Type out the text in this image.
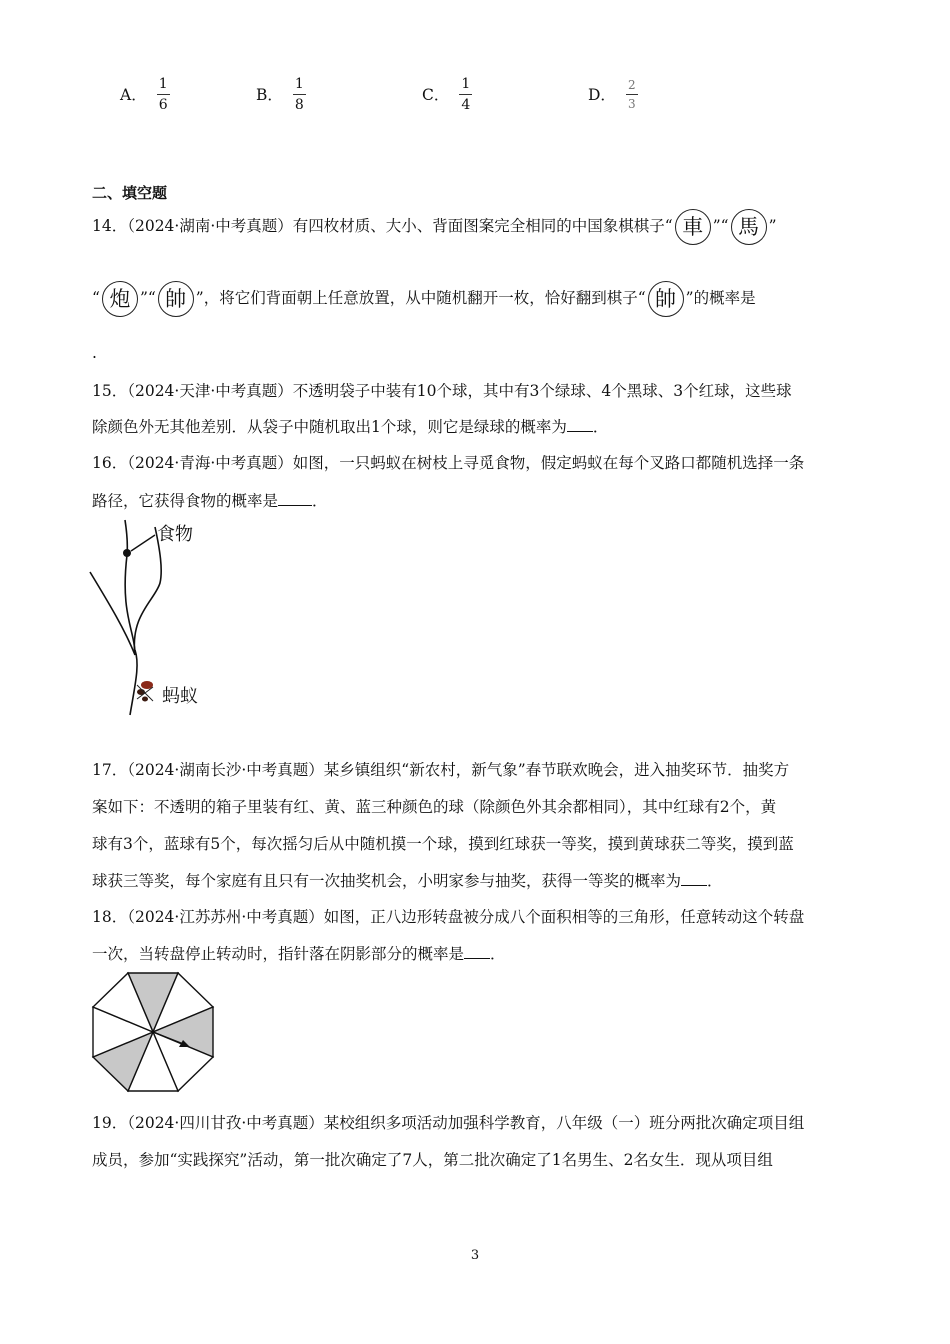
A． $\frac{1}{6}$	B． $\frac{1}{8}$	C． $\frac{1}{4}$	D． $\frac{2}{3}$
二、填空题
14．（2024·湖南·中考真题）有四枚材质、大小、背面图案完全相同的中国象棋棋子“ 車 ”“ 馬 ”
“ 炮 ”“ 帥 ”，将它们背面朝上任意放置，从中随机翻开一枚，恰好翻到棋子“ 帥 ”的概率是
.
15．（2024·天津·中考真题）不透明袋子中装有10个球，其中有3个绿球、4个黑球、3个红球，这些球
除颜色外无其他差别．从袋子中随机取出1个球，则它是绿球的概率为 ．
16．（2024·青海·中考真题）如图，一只蚂蚁在树枝上寻觅食物，假定蚂蚁在每个叉路口都随机选择一条
路径，它获得食物的概率是 ．
食物
蚂蚁
17．（2024·湖南长沙·中考真题）某乡镇组织“新农村，新气象”春节联欢晚会，进入抽奖环节．抽奖方
案如下：不透明的箱子里装有红、黄、蓝三种颜色的球（除颜色外其余都相同），其中红球有2个，黄
球有3个，蓝球有5个，每次摇匀后从中随机摸一个球，摸到红球获一等奖，摸到黄球获二等奖，摸到蓝
球获三等奖，每个家庭有且只有一次抽奖机会，小明家参与抽奖，获得一等奖的概率为 ．
18．（2024·江苏苏州·中考真题）如图，正八边形转盘被分成八个面积相等的三角形，任意转动这个转盘
一次，当转盘停止转动时，指针落在阴影部分的概率是 ．
19．（2024·四川甘孜·中考真题）某校组织多项活动加强科学教育，八年级（一）班分两批次确定项目组
成员，参加“实践探究”活动，第一批次确定了7人，第二批次确定了1名男生、2名女生．现从项目组
3
